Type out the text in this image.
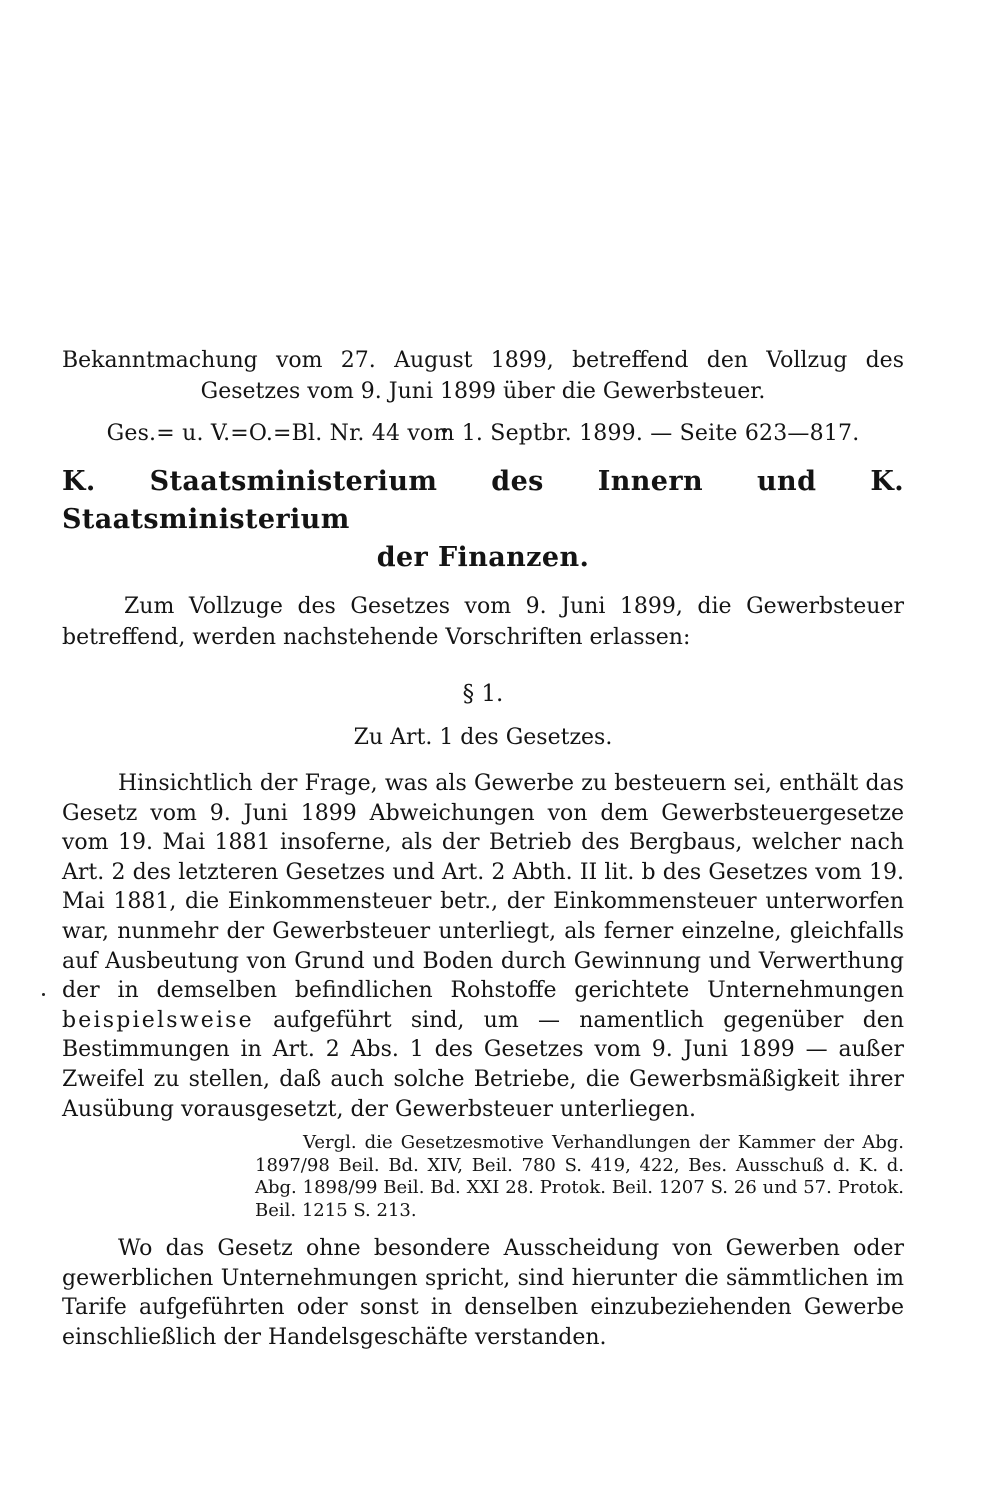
Bekanntmachung vom 27. August 1899, betreffend den Vollzug des
Gesetzes vom 9. Juni 1899 über die Gewerbsteuer.
Ges.= u. V.=O.=Bl. Nr. 44 vom 1. Septbr. 1899. — Seite 623—817.
K. Staatsministerium des Innern und K. Staatsministerium
der Finanzen.
Zum Vollzuge des Gesetzes vom 9. Juni 1899, die Gewerbsteuer
betreffend, werden nachstehende Vorschriften erlassen:
§ 1.
Zu Art. 1 des Gesetzes.

Hinsichtlich der Frage, was als Gewerbe zu besteuern sei, enthält das Gesetz vom 9. Juni 1899 Abweichungen von dem Gewerbsteuergesetze vom 19. Mai 1881 insoferne, als der Betrieb des Bergbaus, welcher nach Art. 2 des letzteren Gesetzes und Art. 2 Abth. II lit. b des Gesetzes vom 19. Mai 1881, die Einkommensteuer betr., der Einkommensteuer unterworfen war, nunmehr der Gewerbsteuer unterliegt, als ferner einzelne, gleichfalls auf Ausbeutung von Grund und Boden durch Gewinnung und Verwerthung der in demselben befindlichen Rohstoffe gerichtete Unternehmungen beispielsweise aufgeführt sind, um — namentlich gegenüber den Bestimmungen in Art. 2 Abs. 1 des Gesetzes vom 9. Juni 1899 — außer Zweifel zu stellen, daß auch solche Betriebe, die Gewerbsmäßigkeit ihrer Ausübung vorausgesetzt, der Gewerbsteuer unterliegen.

Vergl. die Gesetzesmotive Verhandlungen der Kammer der Abg. 1897/98 Beil. Bd. XIV, Beil. 780 S. 419, 422, Bes. Ausschuß d. K. d. Abg. 1898/99 Beil. Bd. XXI 28. Protok. Beil. 1207 S. 26 und 57. Protok. Beil. 1215 S. 213.

Wo das Gesetz ohne besondere Ausscheidung von Gewerben oder gewerblichen Unternehmungen spricht, sind hierunter die sämmtlichen im Tarife aufgeführten oder sonst in denselben einzubeziehenden Gewerbe einschließlich der Handelsgeschäfte verstanden.
